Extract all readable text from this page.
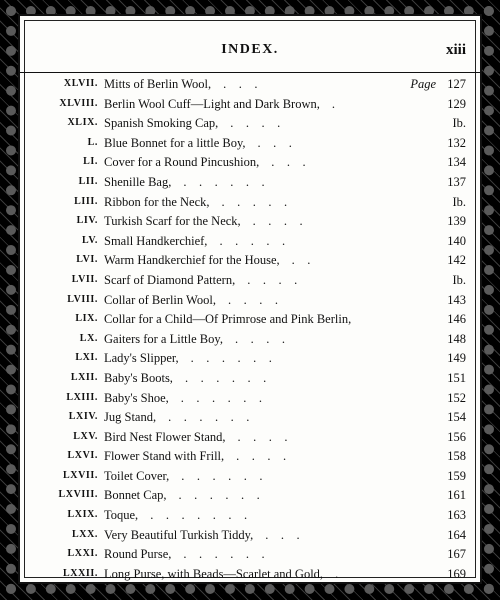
INDEX.	xiii
XLVII. Mitts of Berlin Wool, .    .    .	Page 127
XLVIII. Berlin Wool Cuff—Light and Dark Brown, .	129
XLIX. Spanish Smoking Cap, .    .    .    .	Ib.
L. Blue Bonnet for a little Boy, .    .    .	132
LI. Cover for a Round Pincushion, .    .    .	134
LII. Shenille Bag, .    .    .    .    .    .	137
LIII. Ribbon for the Neck, .    .    .    .    .	Ib.
LIV. Turkish Scarf for the Neck, .    .    .    .	139
LV. Small Handkerchief, .    .    .    .    .	140
LVI. Warm Handkerchief for the House, .    .	142
LVII. Scarf of Diamond Pattern, .    .    .    .	Ib.
LVIII. Collar of Berlin Wool, .    .    .    .	143
LIX. Collar for a Child—Of Primrose and Pink Berlin,	146
LX. Gaiters for a Little Boy, .    .    .    .	148
LXI. Lady's Slipper, .    .    .    .    .    .	149
LXII. Baby's Boots, .    .    .    .    .    .	151
LXIII. Baby's Shoe, .    .    .    .    .    .	152
LXIV. Jug Stand, .    .    .    .    .    .	154
LXV. Bird Nest Flower Stand, .    .    .    .	156
LXVI. Flower Stand with Frill, .    .    .    .	158
LXVII. Toilet Cover, .    .    .    .    .    .	159
LXVIII. Bonnet Cap, .    .    .    .    .    .	161
LXIX. Toque, .    .    .    .    .    .    .	163
LXX. Very Beautiful Turkish Tiddy, .    .    .	164
LXXI. Round Purse, .    .    .    .    .    .	167
LXXII. Long Purse, with Beads—Scarlet and Gold, .	169
